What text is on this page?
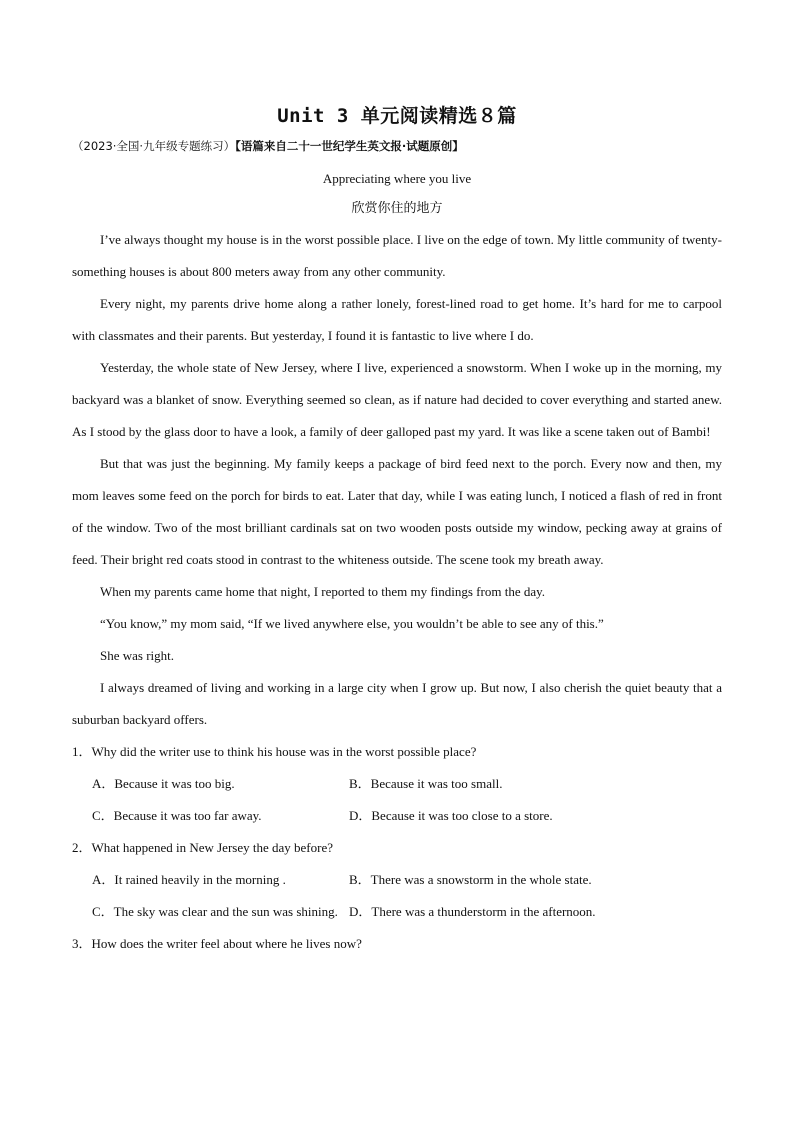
Unit 3 单元阅读精选８篇
（2023·全国·九年级专题练习）【语篇来自二十一世纪学生英文报·试题原创】

Appreciating where you live

欣赏你住的地方

I’ve always thought my house is in the worst possible place. I live on the edge of town. My little community of twenty-something houses is about 800 meters away from any other community.

Every night, my parents drive home along a rather lonely, forest-lined road to get home. It’s hard for me to carpool with classmates and their parents. But yesterday, I found it is fantastic to live where I do.

Yesterday, the whole state of New Jersey, where I live, experienced a snowstorm. When I woke up in the morning, my backyard was a blanket of snow. Everything seemed so clean, as if nature had decided to cover everything and started anew. As I stood by the glass door to have a look, a family of deer galloped past my yard. It was like a scene taken out of Bambi!

But that was just the beginning. My family keeps a package of bird feed next to the porch. Every now and then, my mom leaves some feed on the porch for birds to eat. Later that day, while I was eating lunch, I noticed a flash of red in front of the window. Two of the most brilliant cardinals sat on two wooden posts outside my window, pecking away at grains of feed. Their bright red coats stood in contrast to the whiteness outside. The scene took my breath away.

When my parents came home that night, I reported to them my findings from the day.

“You know,” my mom said, “If we lived anywhere else, you wouldn’t be able to see any of this.”

She was right.

I always dreamed of living and working in a large city when I grow up. But now, I also cherish the quiet beauty that a suburban backyard offers.

1．Why did the writer use to think his house was in the worst possible place?

A．Because it was too big.	B．Because it was too small.
C．Because it was too far away.	D．Because it was too close to a store.

2．What happened in New Jersey the day before?

A．It rained heavily in the morning .	B．There was a snowstorm in the whole state.
C．The sky was clear and the sun was shining. D．There was a thunderstorm in the afternoon.

3．How does the writer feel about where he lives now?
